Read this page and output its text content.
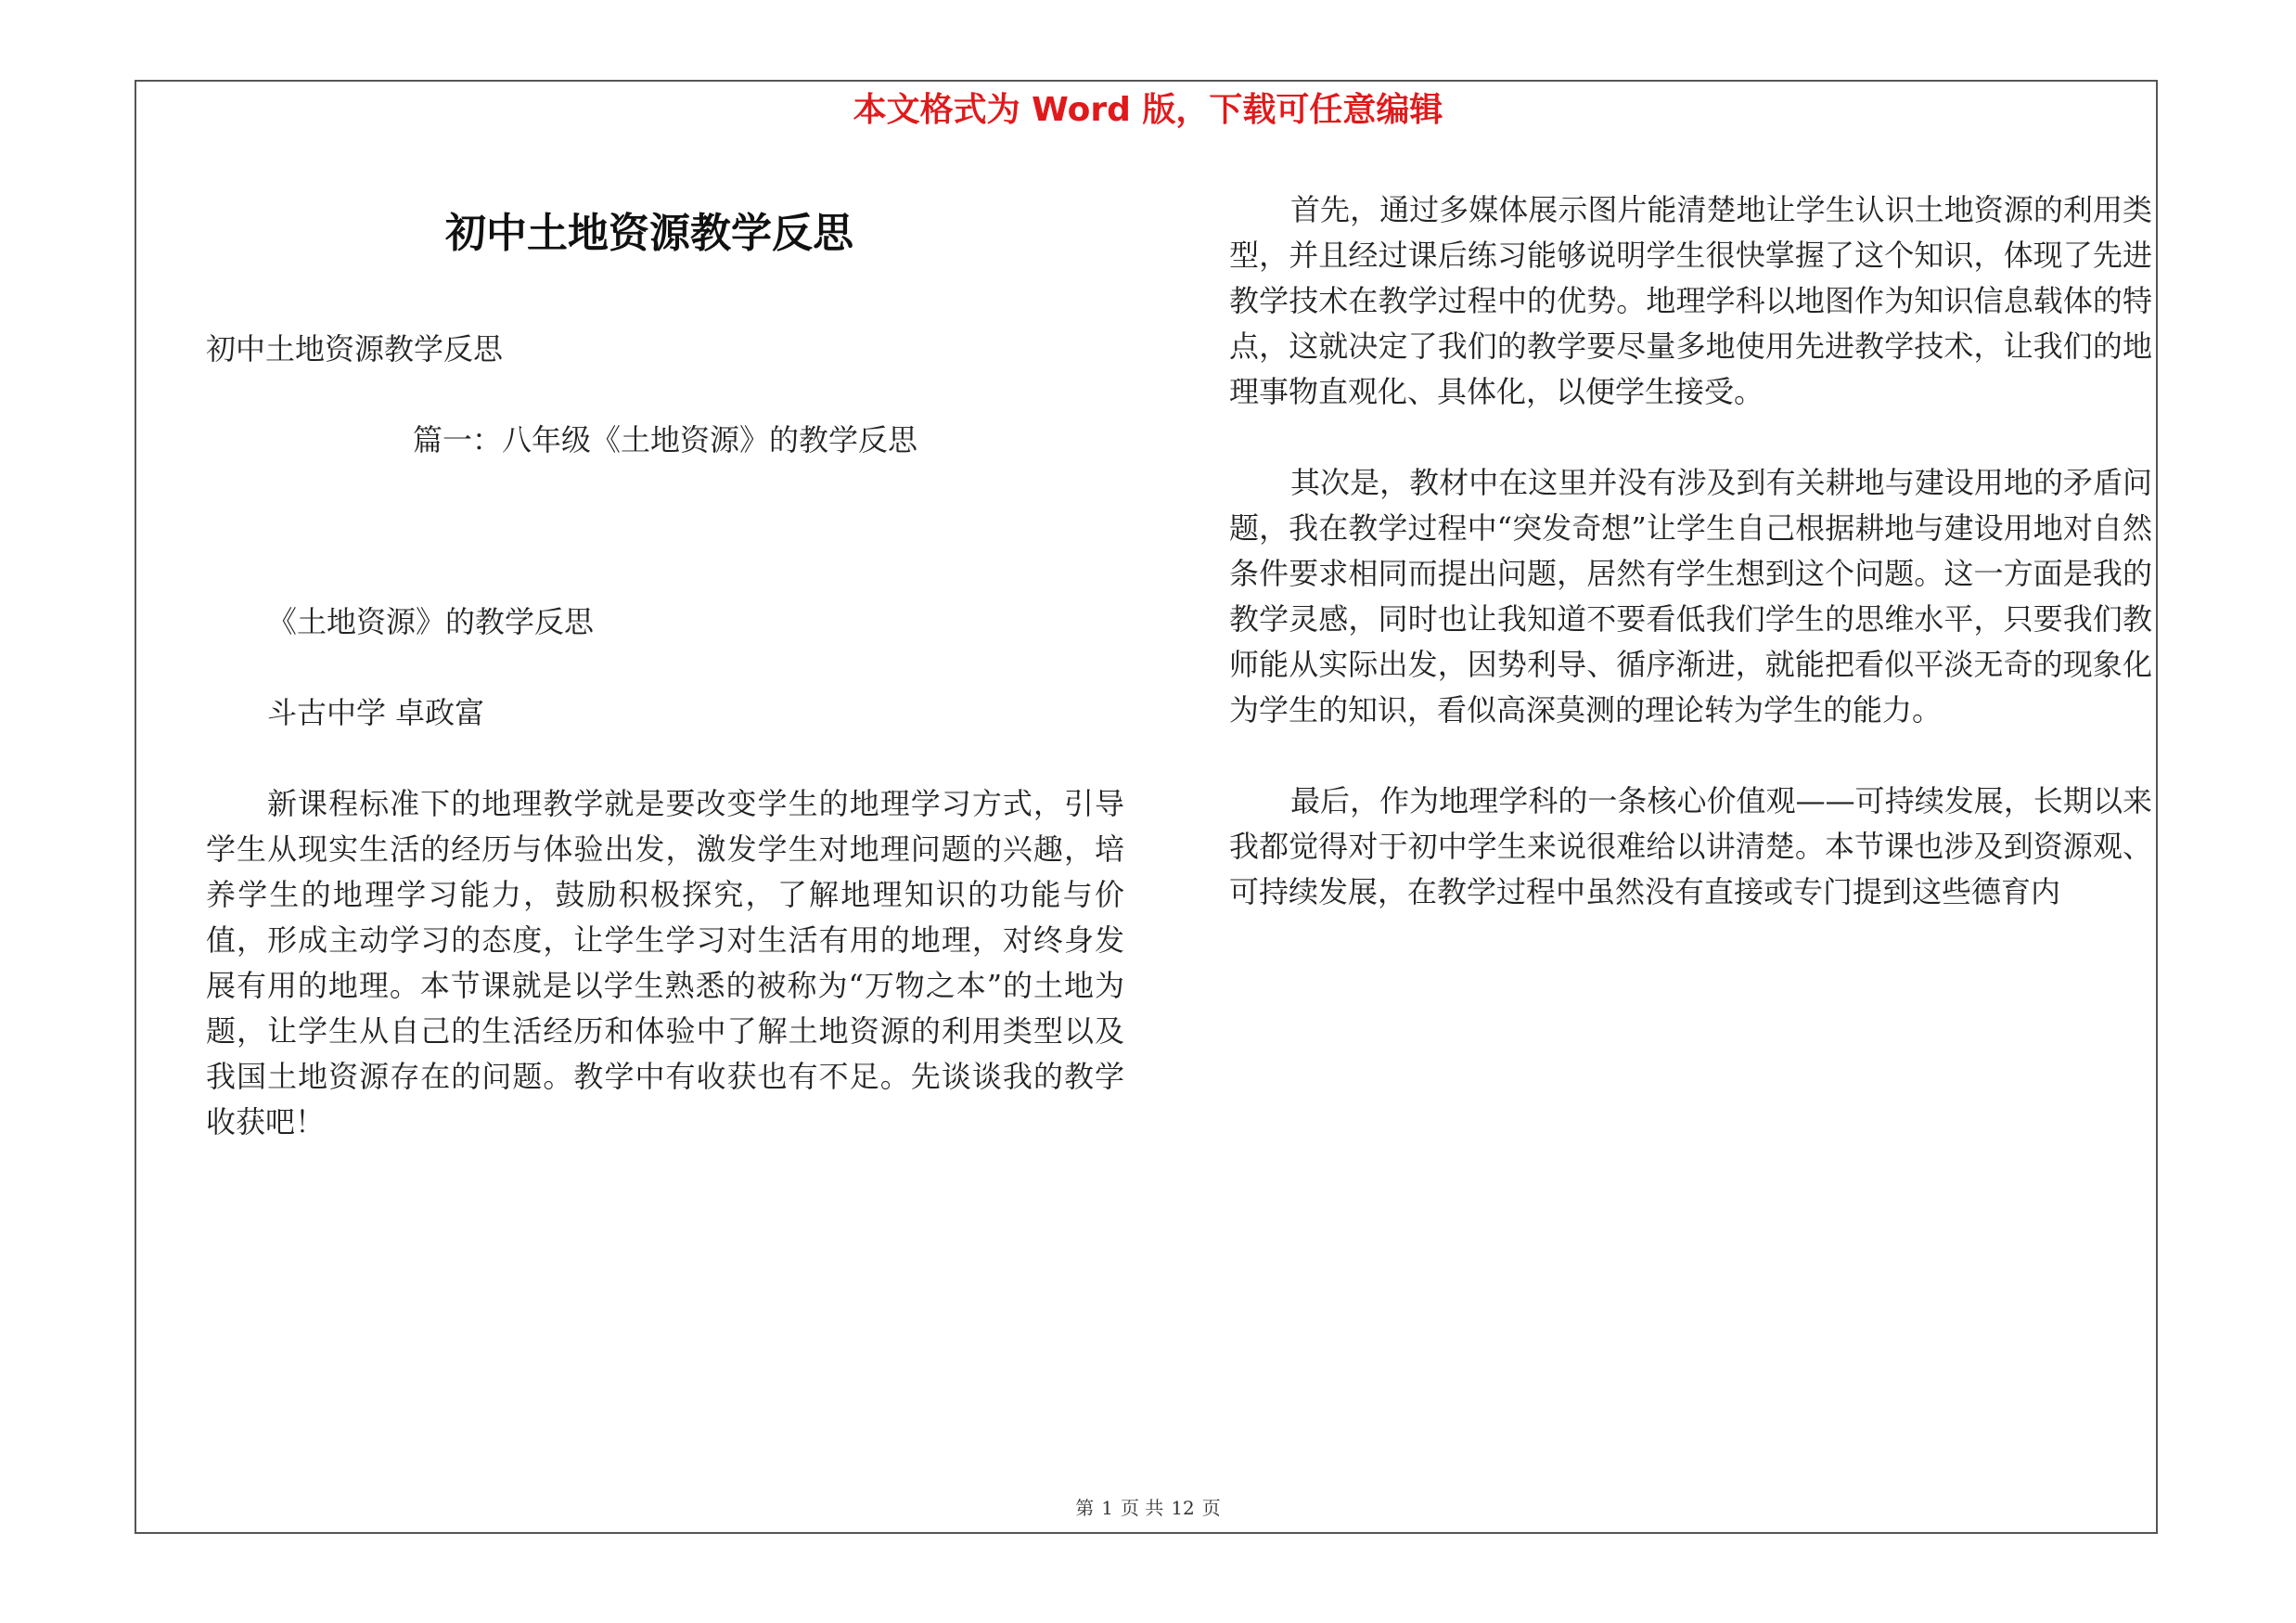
本文格式为 Word 版，下载可任意编辑
初中土地资源教学反思

初中土地资源教学反思

篇一：八年级《土地资源》的教学反思

《土地资源》的教学反思

斗古中学 卓政富

新课程标准下的地理教学就是要改变学生的地理学习方式，引导学生从现实生活的经历与体验出发，激发学生对地理问题的兴趣，培养学生的地理学习能力，鼓励积极探究，了解地理知识的功能与价值，形成主动学习的态度，让学生学习对生活有用的地理，对终身发展有用的地理。本节课就是以学生熟悉的被称为“万物之本”的土地为题，让学生从自己的生活经历和体验中了解土地资源的利用类型以及我国土地资源存在的问题。教学中有收获也有不足。先谈谈我的教学收获吧！

首先，通过多媒体展示图片能清楚地让学生认识土地资源的利用类型，并且经过课后练习能够说明学生很快掌握了这个知识，体现了先进教学技术在教学过程中的优势。地理学科以地图作为知识信息载体的特点，这就决定了我们的教学要尽量多地使用先进教学技术，让我们的地理事物直观化、具体化，以便学生接受。

其次是，教材中在这里并没有涉及到有关耕地与建设用地的矛盾问题，我在教学过程中“突发奇想”让学生自己根据耕地与建设用地对自然条件要求相同而提出问题，居然有学生想到这个问题。这一方面是我的教学灵感，同时也让我知道不要看低我们学生的思维水平，只要我们教师能从实际出发，因势利导、循序渐进，就能把看似平淡无奇的现象化为学生的知识，看似高深莫测的理论转为学生的能力。

最后，作为地理学科的一条核心价值观——可持续发展，长期以来我都觉得对于初中学生来说很难给以讲清楚。本节课也涉及到资源观、可持续发展，在教学过程中虽然没有直接或专门提到这些德育内

第 1 页 共 12 页
